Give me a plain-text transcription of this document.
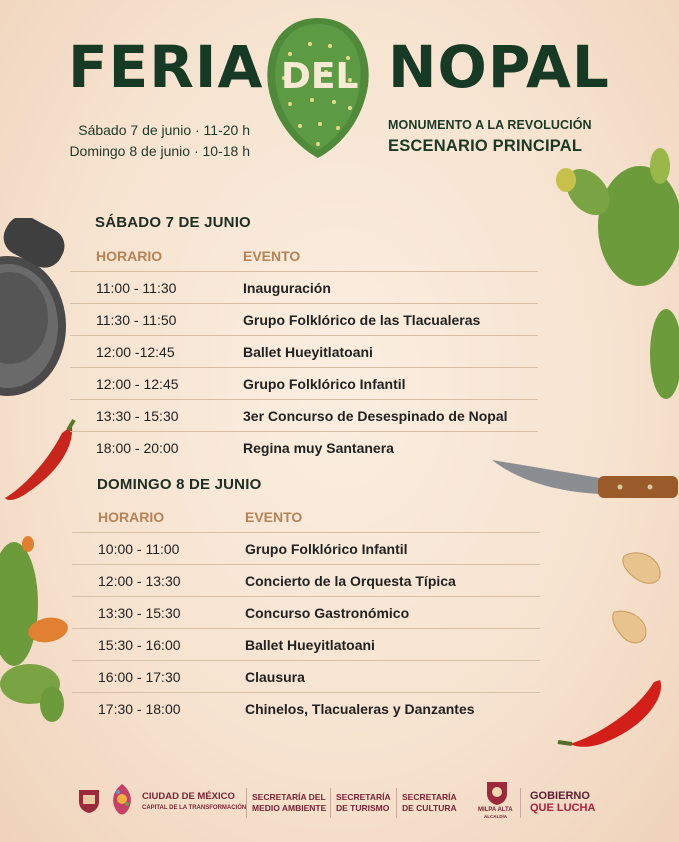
FERIA DEL NOPAL
Sábado 7 de junio · 11-20 h
Domingo 8 de junio · 10-18 h
MONUMENTO A LA REVOLUCIÓN
ESCENARIO PRINCIPAL
SÁBADO 7 DE JUNIO
HORARIO	EVENTO
11:00 - 11:30	Inauguración
11:30 - 11:50	Grupo Folklórico de las Tlacualeras
12:00 -12:45	Ballet Hueyitlatoani
12:00 - 12:45	Grupo Folklórico Infantil
13:30 - 15:30	3er Concurso de Desespinado de Nopal
18:00 - 20:00	Regina muy Santanera
DOMINGO 8 DE JUNIO
HORARIO	EVENTO
10:00 - 11:00	Grupo Folklórico Infantil
12:00 - 13:30	Concierto de la Orquesta Típica
13:30 - 15:30	Concurso Gastronómico
15:30 - 16:00	Ballet Hueyitlatoani
16:00 - 17:30	Clausura
17:30 - 18:00	Chinelos, Tlacualeras y Danzantes
CIUDAD DE MÉXICO
CAPITAL DE LA TRANSFORMACIÓN
SECRETARÍA DEL
MEDIO AMBIENTE
SECRETARÍA
DE TURISMO
SECRETARÍA
DE CULTURA	MILPA ALTA
ALCALDÍA
GOBIERNO
QUE LUCHA
